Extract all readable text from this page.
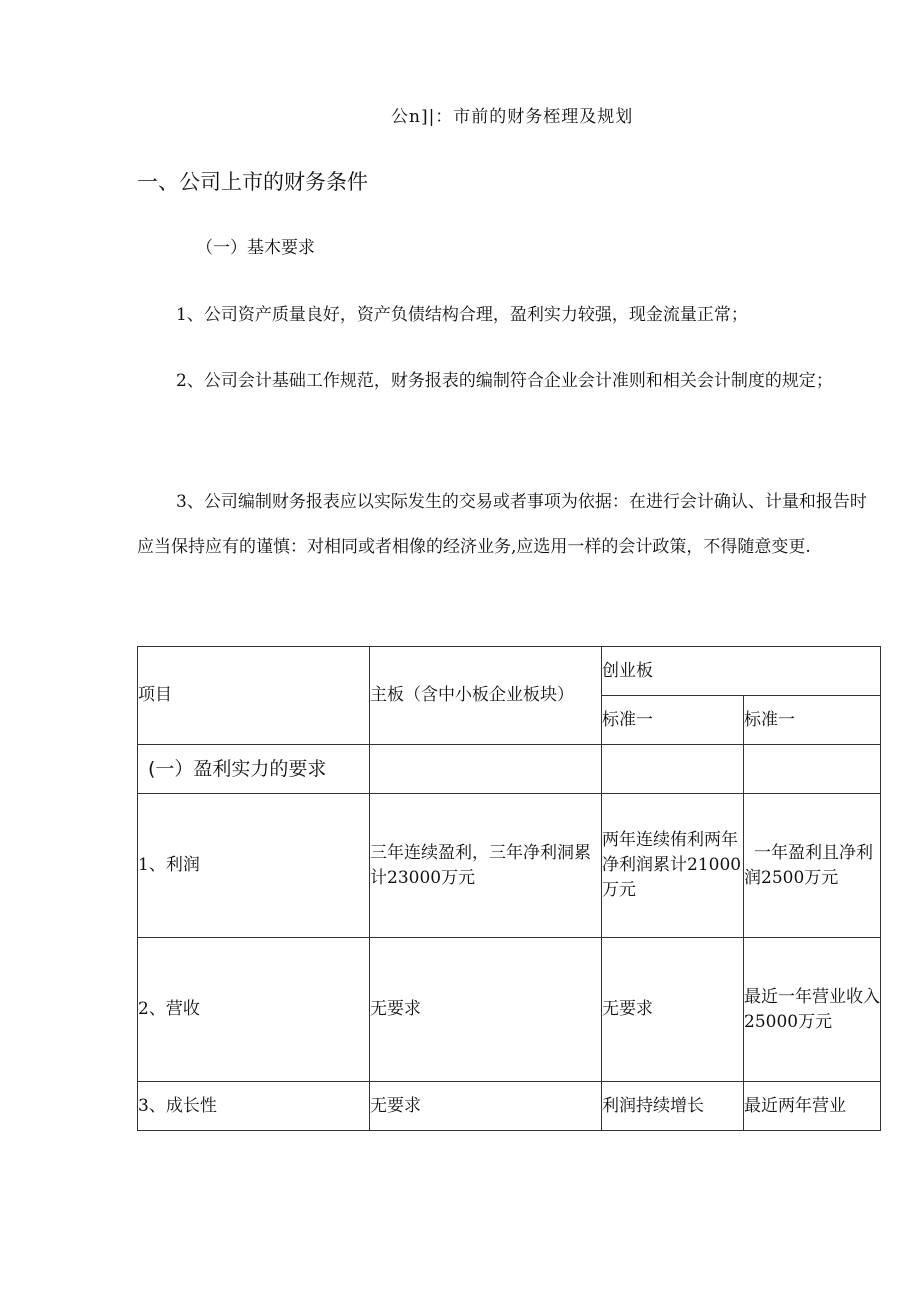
公n]|：市前的财务桎理及规划
一、公司上市的财务条件
（一）基木要求
1、公司资产质量良好，资产负债结构合理，盈利实力较强，现金流量正常；
2、公司会计基础工作规范，财务报表的编制符合企业会计准则和相关会计制度的规定；
3、公司编制财务报表应以实际发生的交易或者事项为依据：在进行会计确认、计量和报告时应当保持应有的谨慎：对相同或者相像的经济业务,应选用一样的会计政策，不得随意变更.
项目	主板（含中小板企业板块）	创业板	
		标准一	标准一
(一）盈利实力的要求			
1、利润	三年连续盈利，三年净利洞累计23000万元	两年连续侑利两年净利润累计21000万元	一年盈利且净利润2500万元
2、营收	无要求	无要求	最近一年营业收入25000万元
3、成长性	无要求	利润持续增长	最近两年营业
